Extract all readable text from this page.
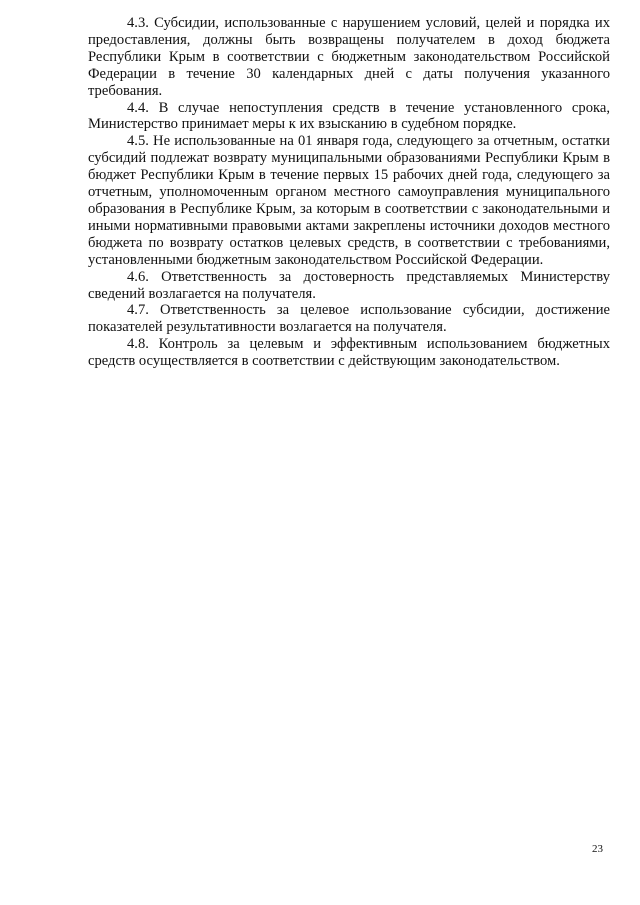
4.3. Субсидии, использованные с нарушением условий, целей и порядка их предоставления, должны быть возвращены получателем в доход бюджета Республики Крым в соответствии с бюджетным законодательством Российской Федерации в течение 30 календарных дней с даты получения указанного требования.

4.4. В случае непоступления средств в течение установленного срока, Министерство принимает меры к их взысканию в судебном порядке.

4.5. Не использованные на 01 января года, следующего за отчетным, остатки субсидий подлежат возврату муниципальными образованиями Республики Крым в бюджет Республики Крым в течение первых 15 рабочих дней года, следующего за отчетным, уполномоченным органом местного самоуправления муниципального образования в Республике Крым, за которым в соответствии с законодательными и иными нормативными правовыми актами закреплены источники доходов местного бюджета по возврату остатков целевых средств, в соответствии с требованиями, установленными бюджетным законодательством Российской Федерации.

4.6. Ответственность за достоверность представляемых Министерству сведений возлагается на получателя.

4.7. Ответственность за целевое использование субсидии, достижение показателей результативности возлагается на получателя.

4.8. Контроль за целевым и эффективным использованием бюджетных средств осуществляется в соответствии с действующим законодательством.

23
